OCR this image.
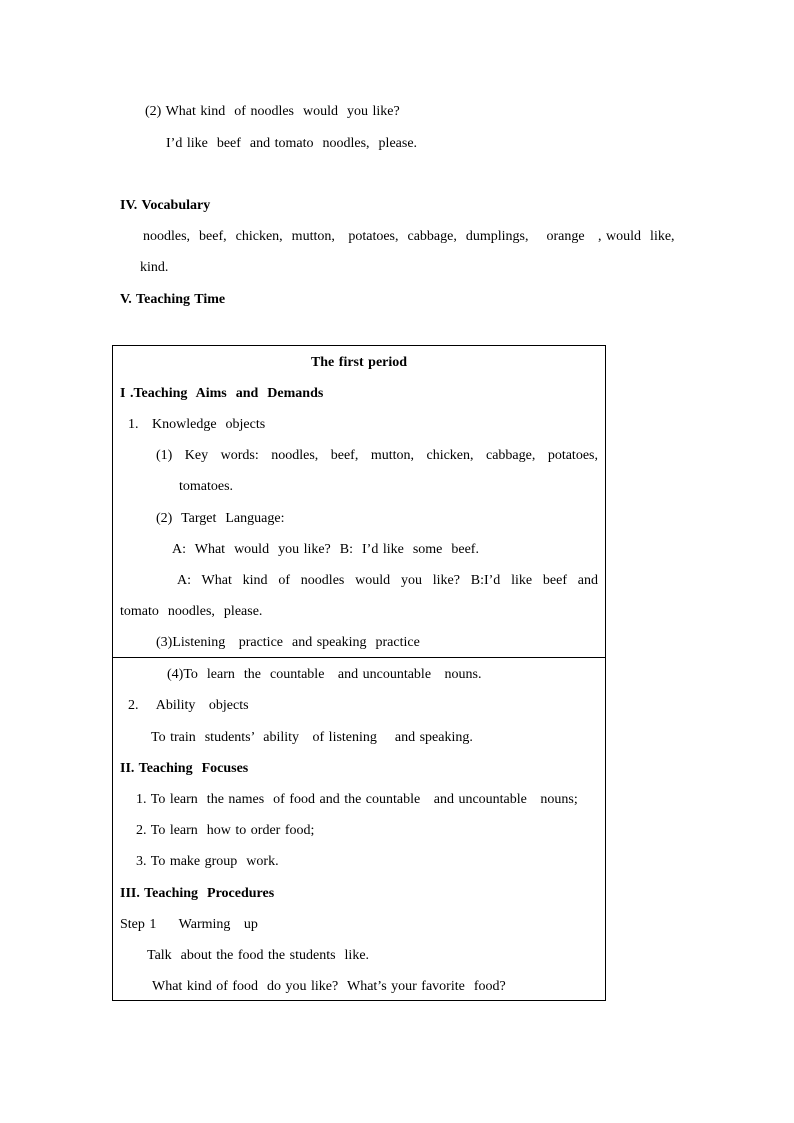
(2) What kind  of noodles  would  you like?
I’d like  beef  and tomato  noodles,  please.
IV. Vocabulary
noodles,  beef,  chicken,  mutton,   potatoes,  cabbage,  dumplings,    orange   , would  like,
kind.
V. Teaching Time
The first period
I .Teaching  Aims  and  Demands
1.   Knowledge  objects
(1) Key words: noodles, beef, mutton, chicken, cabbage, potatoes,
tomatoes.
(2)  Target  Language:
A:  What  would  you like?  B:  I’d like  some  beef.
A: What kind of noodles would you like? B:I’d like beef and
tomato  noodles,  please.
(3)Listening   practice  and speaking  practice
(4)To  learn  the  countable   and uncountable   nouns.
2.    Ability   objects
To train  students’  ability   of listening    and speaking.
II. Teaching  Focuses
1. To learn  the names  of food and the countable   and uncountable   nouns;
2. To learn  how to order food;
3. To make group  work.
III. Teaching  Procedures
Step 1     Warming   up
Talk  about the food the students  like.
What kind of food  do you like?  What’s your favorite  food?
